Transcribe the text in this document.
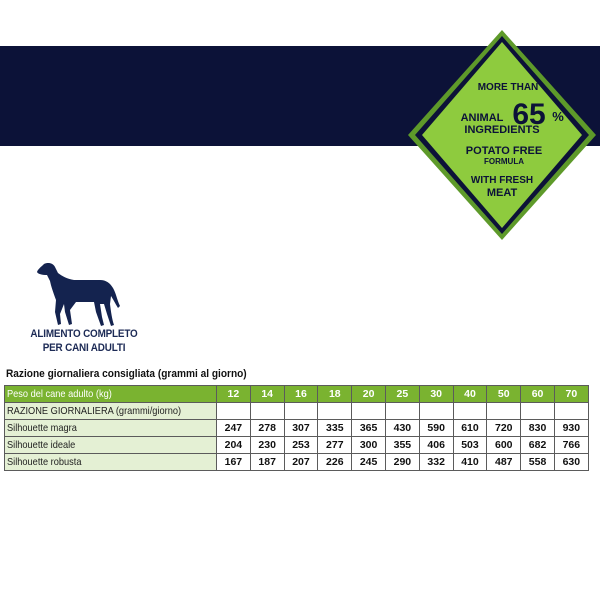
MORE THAN
ANIMAL 65 %
INGREDIENTS
POTATO FREE
FORMULA
WITH FRESH
MEAT
ALIMENTO COMPLETO
PER CANI ADULTI
Razione giornaliera consigliata (grammi al giorno)
Peso del cane adulto (kg)	12	14	16	18	20	25	30	40	50	60	70
RAZIONE GIORNALIERA (grammi/giorno)											
Silhouette magra	247	278	307	335	365	430	590	610	720	830	930
Silhouette ideale	204	230	253	277	300	355	406	503	600	682	766
Silhouette robusta	167	187	207	226	245	290	332	410	487	558	630
